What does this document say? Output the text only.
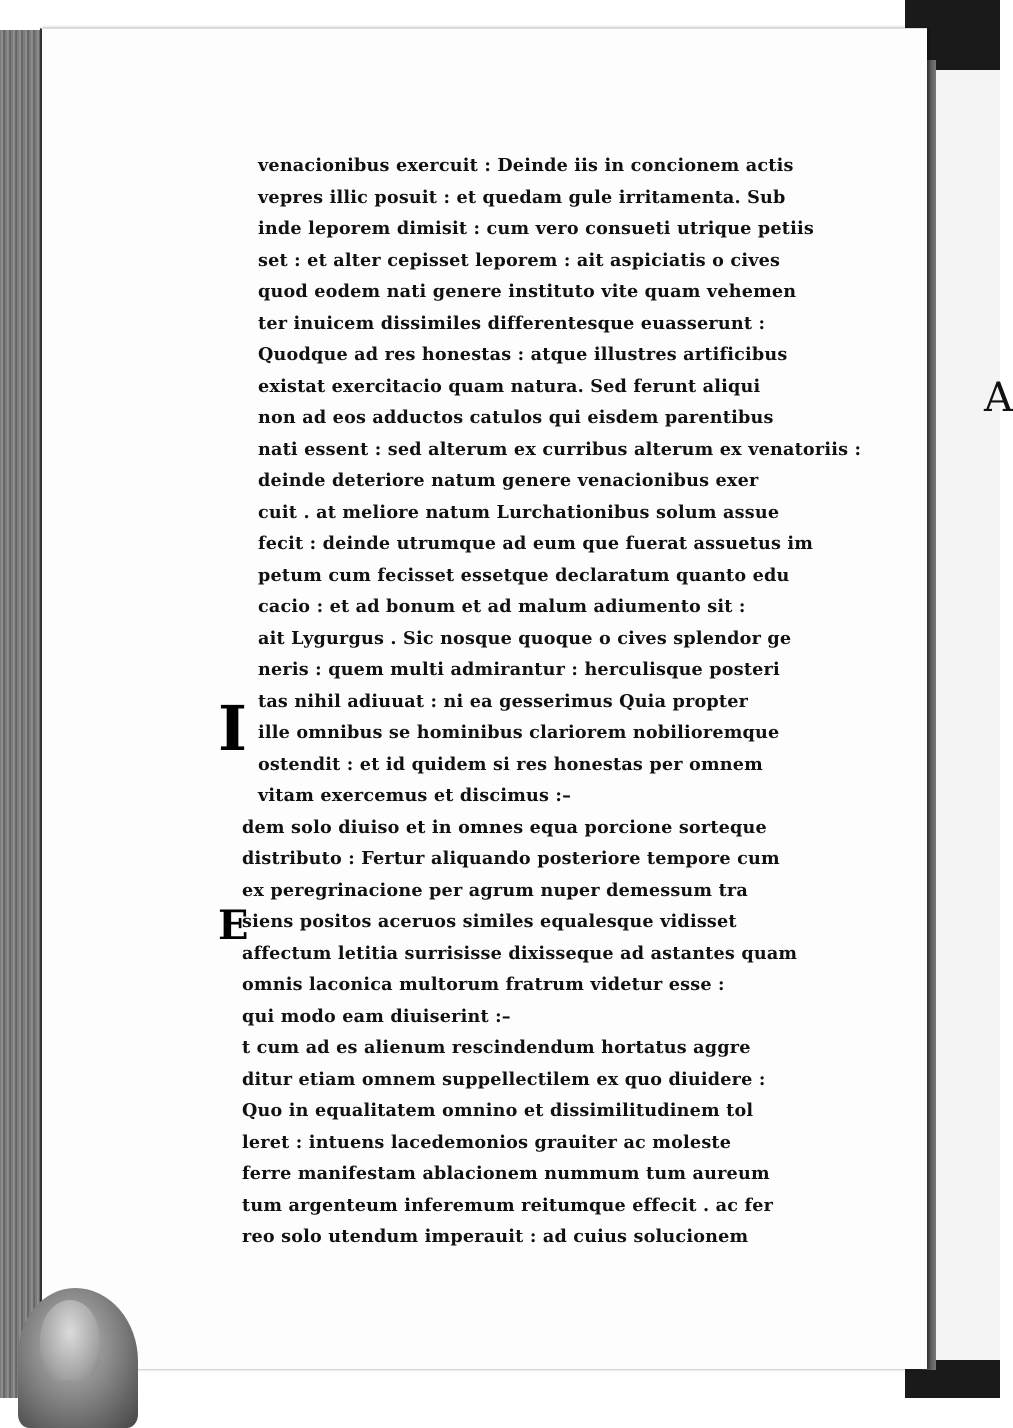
A
I
E
venacionibus exercuit : Deinde iis in concionem actis
vepres illic posuit : et quedam gule irritamenta. Sub
inde leporem dimisit : cum vero consueti utrique petiis
set : et alter cepisset leporem : ait aspiciatis o cives
quod eodem nati genere instituto vite quam vehemen
ter inuicem dissimiles differentesque euasserunt :
Quodque ad res honestas : atque illustres artificibus
existat exercitacio quam natura. Sed ferunt aliqui
non ad eos adductos catulos qui eisdem parentibus
nati essent : sed alterum ex curribus alterum ex venatoriis :
deinde deteriore natum genere venacionibus exer
cuit . at meliore natum Lurchationibus solum assue
fecit : deinde utrumque ad eum que fuerat assuetus im
petum cum fecisset essetque declaratum quanto edu
cacio : et ad bonum et ad malum adiumento sit :
ait Lygurgus . Sic nosque quoque o cives splendor ge
neris : quem multi admirantur : herculisque posteri
tas nihil adiuuat : ni ea gesserimus Quia propter
ille omnibus se hominibus clariorem nobilioremque
ostendit : et id quidem si res honestas per omnem
vitam exercemus et discimus :–
dem solo diuiso et in omnes equa porcione sorteque
distributo : Fertur aliquando posteriore tempore cum
ex peregrinacione per agrum nuper demessum tra
siens positos aceruos similes equalesque vidisset
affectum letitia surrisisse dixisseque ad astantes quam
omnis laconica multorum fratrum videtur esse :
qui modo eam diuiserint :–
t cum ad es alienum rescindendum hortatus aggre
ditur etiam omnem suppellectilem ex quo diuidere :
Quo in equalitatem omnino et dissimilitudinem tol
leret : intuens lacedemonios grauiter ac moleste
ferre manifestam ablacionem nummum tum aureum
tum argenteum inferemum reitumque effecit . ac fer
reo solo utendum imperauit : ad cuius solucionem
